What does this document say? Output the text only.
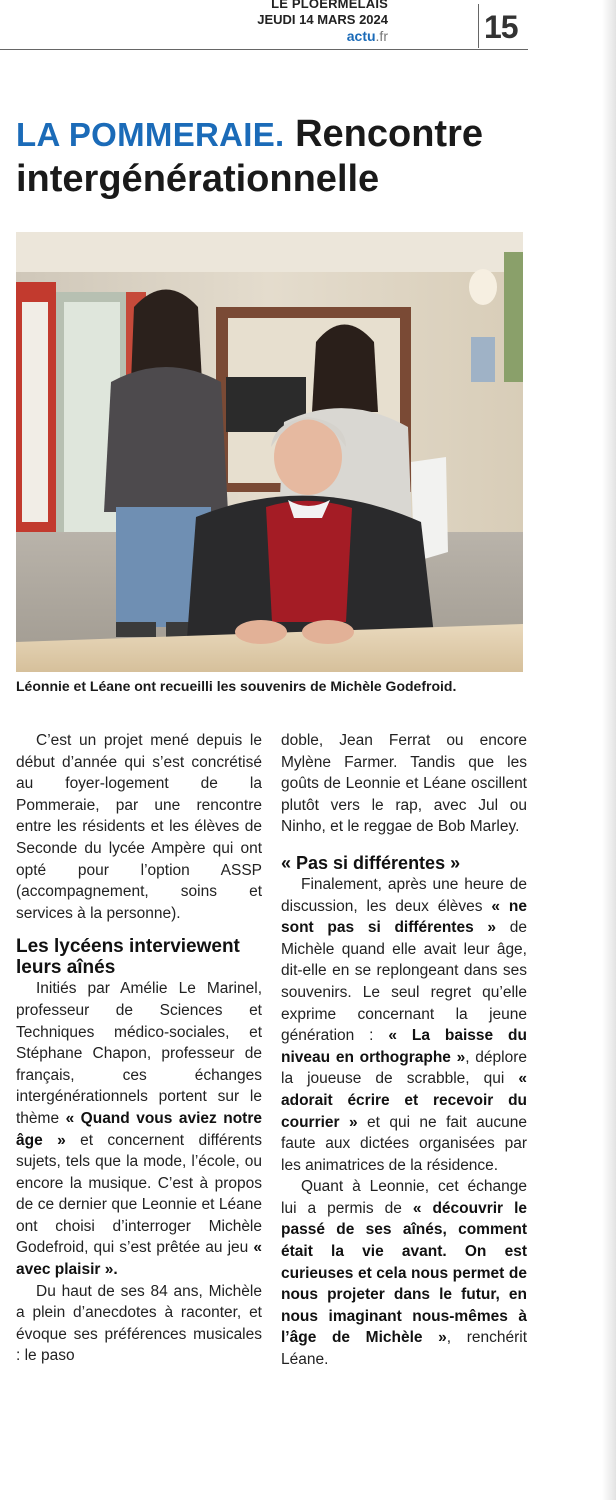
LE PLOERMELAIS
JEUDI 14 MARS 2024
actu.fr	15
LA POMMERAIE. Rencontre intergénérationnelle
Léonnie et Léane ont recueilli les souvenirs de Michèle Godefroid.

C’est un projet mené depuis le début d’année qui s’est concrétisé au foyer-logement de la Pommeraie, par une rencontre entre les résidents et les élèves de Seconde du lycée Ampère qui ont opté pour l’option ASSP (accompagnement, soins et services à la personne).

Les lycéens interviewent leurs aînés

Initiés par Amélie Le Marinel, professeur de Sciences et Techniques médico-sociales, et Stéphane Chapon, professeur de français, ces échanges intergénérationnels portent sur le thème « Quand vous aviez notre âge » et concernent différents sujets, tels que la mode, l’école, ou encore la musique. C’est à propos de ce dernier que Leonnie et Léane ont choisi d’interroger Michèle Godefroid, qui s’est prêtée au jeu « avec plaisir ».

Du haut de ses 84 ans, Michèle a plein d’anecdotes à raconter, et évoque ses préférences musicales : le paso

doble, Jean Ferrat ou encore Mylène Farmer. Tandis que les goûts de Leonnie et Léane oscillent plutôt vers le rap, avec Jul ou Ninho, et le reggae de Bob Marley.

« Pas si différentes »

Finalement, après une heure de discussion, les deux élèves « ne sont pas si différentes » de Michèle quand elle avait leur âge, dit-elle en se replongeant dans ses souvenirs. Le seul regret qu’elle exprime concernant la jeune génération : « La baisse du niveau en orthographe », déplore la joueuse de scrabble, qui « adorait écrire et recevoir du courrier » et qui ne fait aucune faute aux dictées organisées par les animatrices de la résidence.

Quant à Leonnie, cet échange lui a permis de « découvrir le passé de ses aînés, comment était la vie avant. On est curieuses et cela nous permet de nous projeter dans le futur, en nous imaginant nous-mêmes à l’âge de Michèle », renchérit Léane.
